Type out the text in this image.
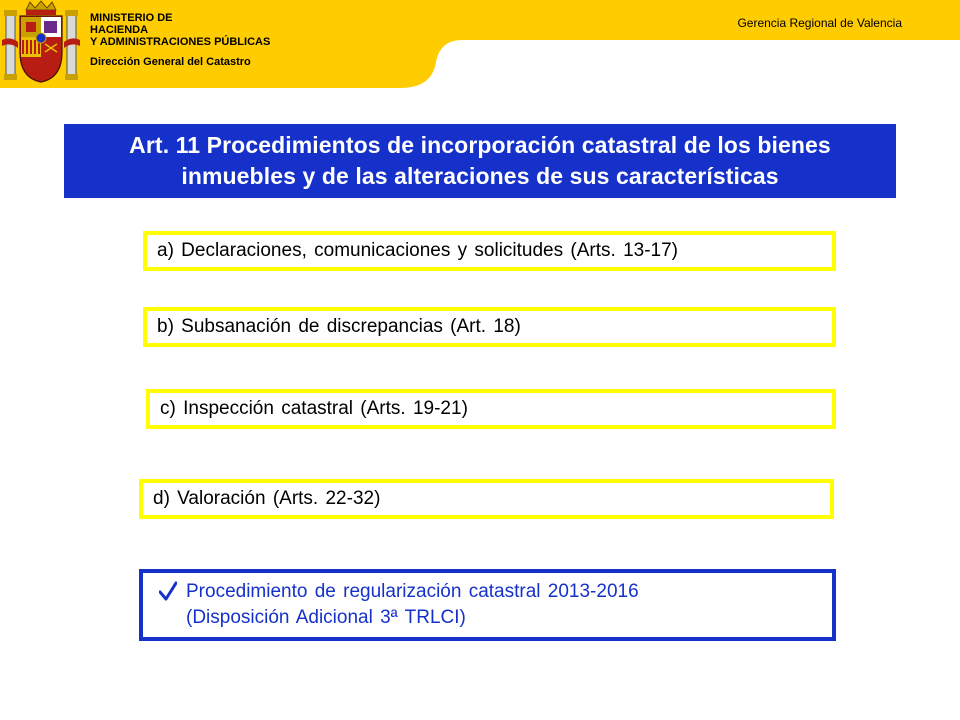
MINISTERIO DE
HACIENDA
Y ADMINISTRACIONES PÚBLICAS
Dirección General del Catastro
Gerencia Regional de Valencia
Art. 11 Procedimientos de incorporación catastral de los bienes
inmuebles y de las alteraciones de sus características
a) Declaraciones, comunicaciones y solicitudes (Arts. 13-17)
b) Subsanación de discrepancias (Art. 18)
c) Inspección catastral (Arts. 19-21)
d) Valoración (Arts. 22-32)
Procedimiento de regularización catastral 2013-2016
(Disposición Adicional 3ª TRLCI)
